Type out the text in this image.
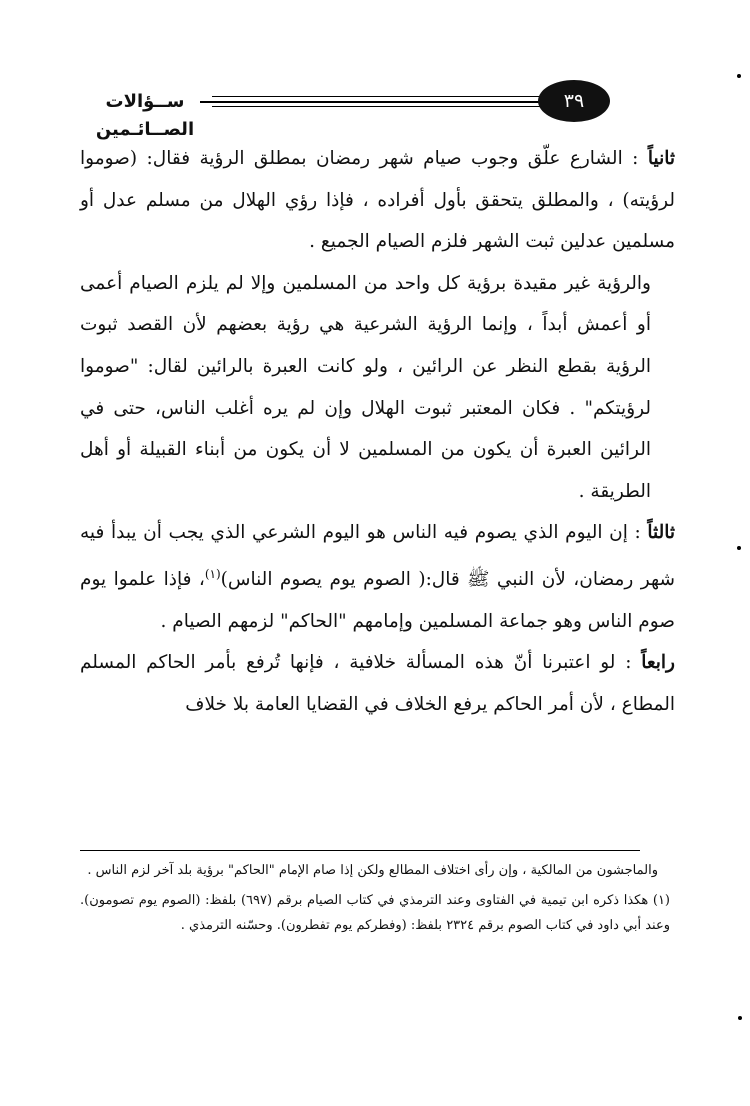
ســؤالات الصــائـمين
٣٩

ثانياً : الشارع علّق وجوب صيام شهر رمضان بمطلق الرؤية فقال: (صوموا لرؤيته) ، والمطلق يتحقق بأول أفراده ، فإذا رؤي الهلال من مسلم عدل أو مسلمين عدلين ثبت الشهر فلزم الصيام الجميع .

والرؤية غير مقيدة برؤية كل واحد من المسلمين وإلا لم يلزم الصيام أعمى أو أعمش أبداً ، وإنما الرؤية الشرعية هي رؤية بعضهم لأن القصد ثبوت الرؤية بقطع النظر عن الرائين ، ولو كانت العبرة بالرائين لقال: "صوموا لرؤيتكم" . فكان المعتبر ثبوت الهلال وإن لم يره أغلب الناس، حتى في الرائين العبرة أن يكون من المسلمين لا أن يكون من أبناء القبيلة أو أهل الطريقة .

ثالثاً : إن اليوم الذي يصوم فيه الناس هو اليوم الشرعي الذي يجب أن يبدأ فيه شهر رمضان، لأن النبي ﷺ قال:( الصوم يوم يصوم الناس)$^{(١)}$، فإذا علموا يوم صوم الناس وهو جماعة المسلمين وإمامهم "الحاكم" لزمهم الصيام .

رابعاً : لو اعتبرنا أنّ هذه المسألة خلافية ، فإنها تُرفع بأمر الحاكم المسلم المطاع ، لأن أمر الحاكم يرفع الخلاف في القضايا العامة بلا خلاف

والماجشون من المالكية ، وإن رأى اختلاف المطالع ولكن إذا صام الإمام "الحاكم" برؤية بلد آخر لزم الناس .

(١) هكذا ذكره ابن تيمية في الفتاوى وعند الترمذي في كتاب الصيام برقم (٦٩٧) بلفظ: (الصوم يوم تصومون). وعند أبي داود في كتاب الصوم برقم ٢٣٢٤ بلفظ: (وفطركم يوم تفطرون). وحسّنه الترمذي .
